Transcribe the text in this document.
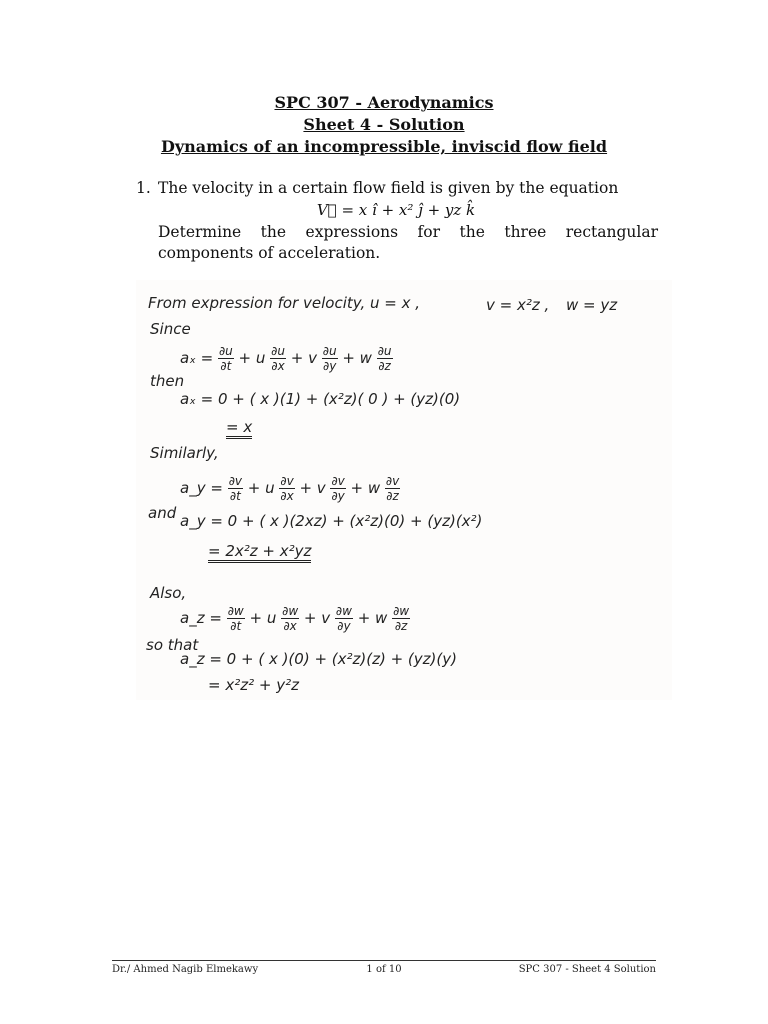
SPC 307 - Aerodynamics
Sheet 4 - Solution
Dynamics of an incompressible, inviscid flow field
1. The velocity in a certain flow field is given by the equation
V⃗ = x î + x² ĵ + yz k̂
Determine the expressions for the three rectangular components of acceleration.
From expression for velocity, u = x ,	v = x²z , w = yz
Since
$a_x = \frac{\partial u}{\partial t} + u \frac{\partial u}{\partial x} + v \frac{\partial u}{\partial y} + w \frac{\partial u}{\partial z}$
then
aₓ = 0 + ( x )(1) + (x²z)( 0 ) + (yz)(0)
= x
Similarly,
a_y = $\frac{\partial v}{\partial t} + u \frac{\partial v}{\partial x} + v \frac{\partial v}{\partial y} + w \frac{\partial v}{\partial z}$
and a_y = 0 + ( x )(2xz) + (x²z)(0) + (yz)(x²)
= 2x²z + x²yz
Also,
a_z = $\frac{\partial w}{\partial t} + u \frac{\partial w}{\partial x} + v \frac{\partial w}{\partial y} + w \frac{\partial w}{\partial z}$
so that
a_z = 0 + ( x )(0) + (x²z)(z) + (yz)(y)
= x²z² + y²z
Dr./ Ahmed Nagib Elmekawy	1 of 10	SPC 307 - Sheet 4 Solution
